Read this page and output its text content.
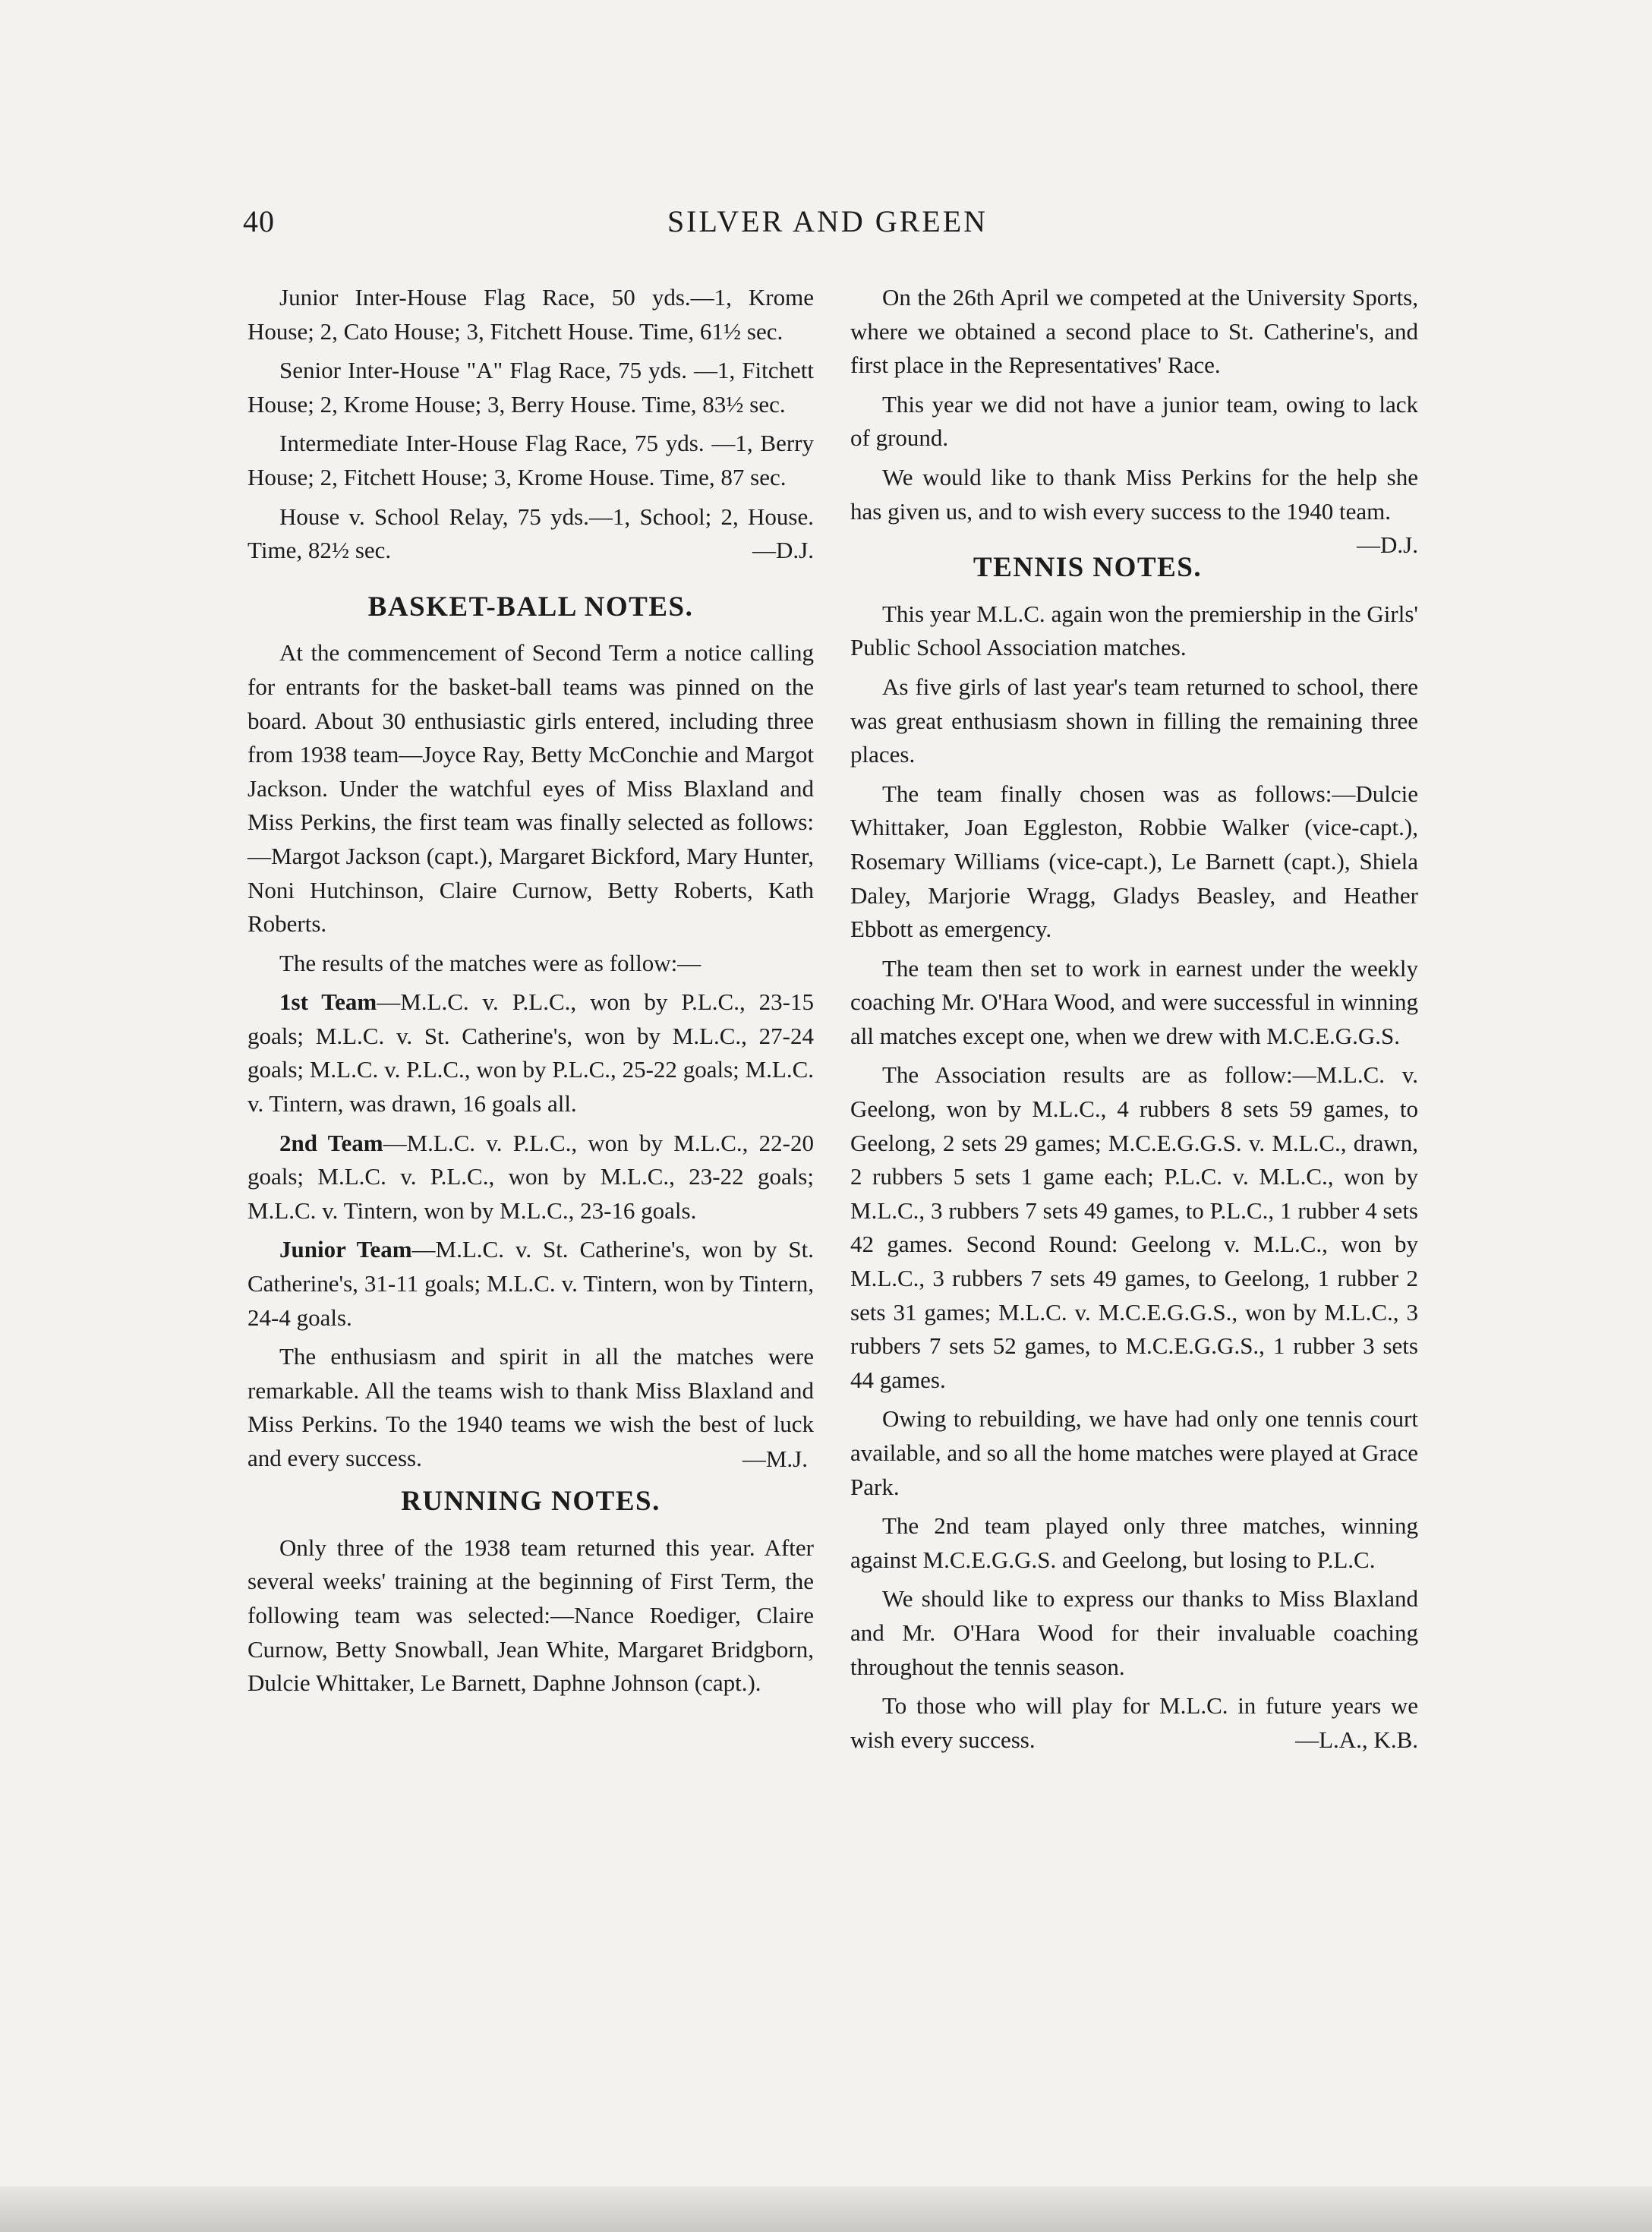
40	SILVER AND GREEN

Junior Inter-House Flag Race, 50 yds.—1, Krome House; 2, Cato House; 3, Fitchett House. Time, 61½ sec.

Senior Inter-House "A" Flag Race, 75 yds. —1, Fitchett House; 2, Krome House; 3, Berry House. Time, 83½ sec.

Intermediate Inter-House Flag Race, 75 yds. —1, Berry House; 2, Fitchett House; 3, Krome House. Time, 87 sec.

House v. School Relay, 75 yds.—1, School; 2, House. Time, 82½ sec.	—D.J.

BASKET-BALL NOTES.

At the commencement of Second Term a notice calling for entrants for the basket-ball teams was pinned on the board. About 30 enthusiastic girls entered, including three from 1938 team—Joyce Ray, Betty McConchie and Margot Jackson. Under the watchful eyes of Miss Blaxland and Miss Perkins, the first team was finally selected as follows:—Margot Jackson (capt.), Margaret Bickford, Mary Hunter, Noni Hutchinson, Claire Curnow, Betty Roberts, Kath Roberts.

The results of the matches were as follow:—

1st Team—M.L.C. v. P.L.C., won by P.L.C., 23-15 goals; M.L.C. v. St. Catherine's, won by M.L.C., 27-24 goals; M.L.C. v. P.L.C., won by P.L.C., 25-22 goals; M.L.C. v. Tintern, was drawn, 16 goals all.

2nd Team—M.L.C. v. P.L.C., won by M.L.C., 22-20 goals; M.L.C. v. P.L.C., won by M.L.C., 23-22 goals; M.L.C. v. Tintern, won by M.L.C., 23-16 goals.

Junior Team—M.L.C. v. St. Catherine's, won by St. Catherine's, 31-11 goals; M.L.C. v. Tintern, won by Tintern, 24-4 goals.

The enthusiasm and spirit in all the matches were remarkable. All the teams wish to thank Miss Blaxland and Miss Perkins. To the 1940 teams we wish the best of luck and every success.	—M.J.

RUNNING NOTES.

Only three of the 1938 team returned this year. After several weeks' training at the beginning of First Term, the following team was selected:—Nance Roediger, Claire Curnow, Betty Snowball, Jean White, Margaret Bridgborn, Dulcie Whittaker, Le Barnett, Daphne Johnson (capt.).

On the 26th April we competed at the University Sports, where we obtained a second place to St. Catherine's, and first place in the Representatives' Race.

This year we did not have a junior team, owing to lack of ground.

We would like to thank Miss Perkins for the help she has given us, and to wish every success to the 1940 team.
—D.J.

TENNIS NOTES.

This year M.L.C. again won the premiership in the Girls' Public School Association matches.

As five girls of last year's team returned to school, there was great enthusiasm shown in filling the remaining three places.

The team finally chosen was as follows:—Dulcie Whittaker, Joan Eggleston, Robbie Walker (vice-capt.), Rosemary Williams (vice-capt.), Le Barnett (capt.), Shiela Daley, Marjorie Wragg, Gladys Beasley, and Heather Ebbott as emergency.

The team then set to work in earnest under the weekly coaching Mr. O'Hara Wood, and were successful in winning all matches except one, when we drew with M.C.E.G.G.S.

The Association results are as follow:—M.L.C. v. Geelong, won by M.L.C., 4 rubbers 8 sets 59 games, to Geelong, 2 sets 29 games; M.C.E.G.G.S. v. M.L.C., drawn, 2 rubbers 5 sets 1 game each; P.L.C. v. M.L.C., won by M.L.C., 3 rubbers 7 sets 49 games, to P.L.C., 1 rubber 4 sets 42 games. Second Round: Geelong v. M.L.C., won by M.L.C., 3 rubbers 7 sets 49 games, to Geelong, 1 rubber 2 sets 31 games; M.L.C. v. M.C.E.G.G.S., won by M.L.C., 3 rubbers 7 sets 52 games, to M.C.E.G.G.S., 1 rubber 3 sets 44 games.

Owing to rebuilding, we have had only one tennis court available, and so all the home matches were played at Grace Park.

The 2nd team played only three matches, winning against M.C.E.G.G.S. and Geelong, but losing to P.L.C.

We should like to express our thanks to Miss Blaxland and Mr. O'Hara Wood for their invaluable coaching throughout the tennis season.

To those who will play for M.L.C. in future years we wish every success.	—L.A., K.B.
